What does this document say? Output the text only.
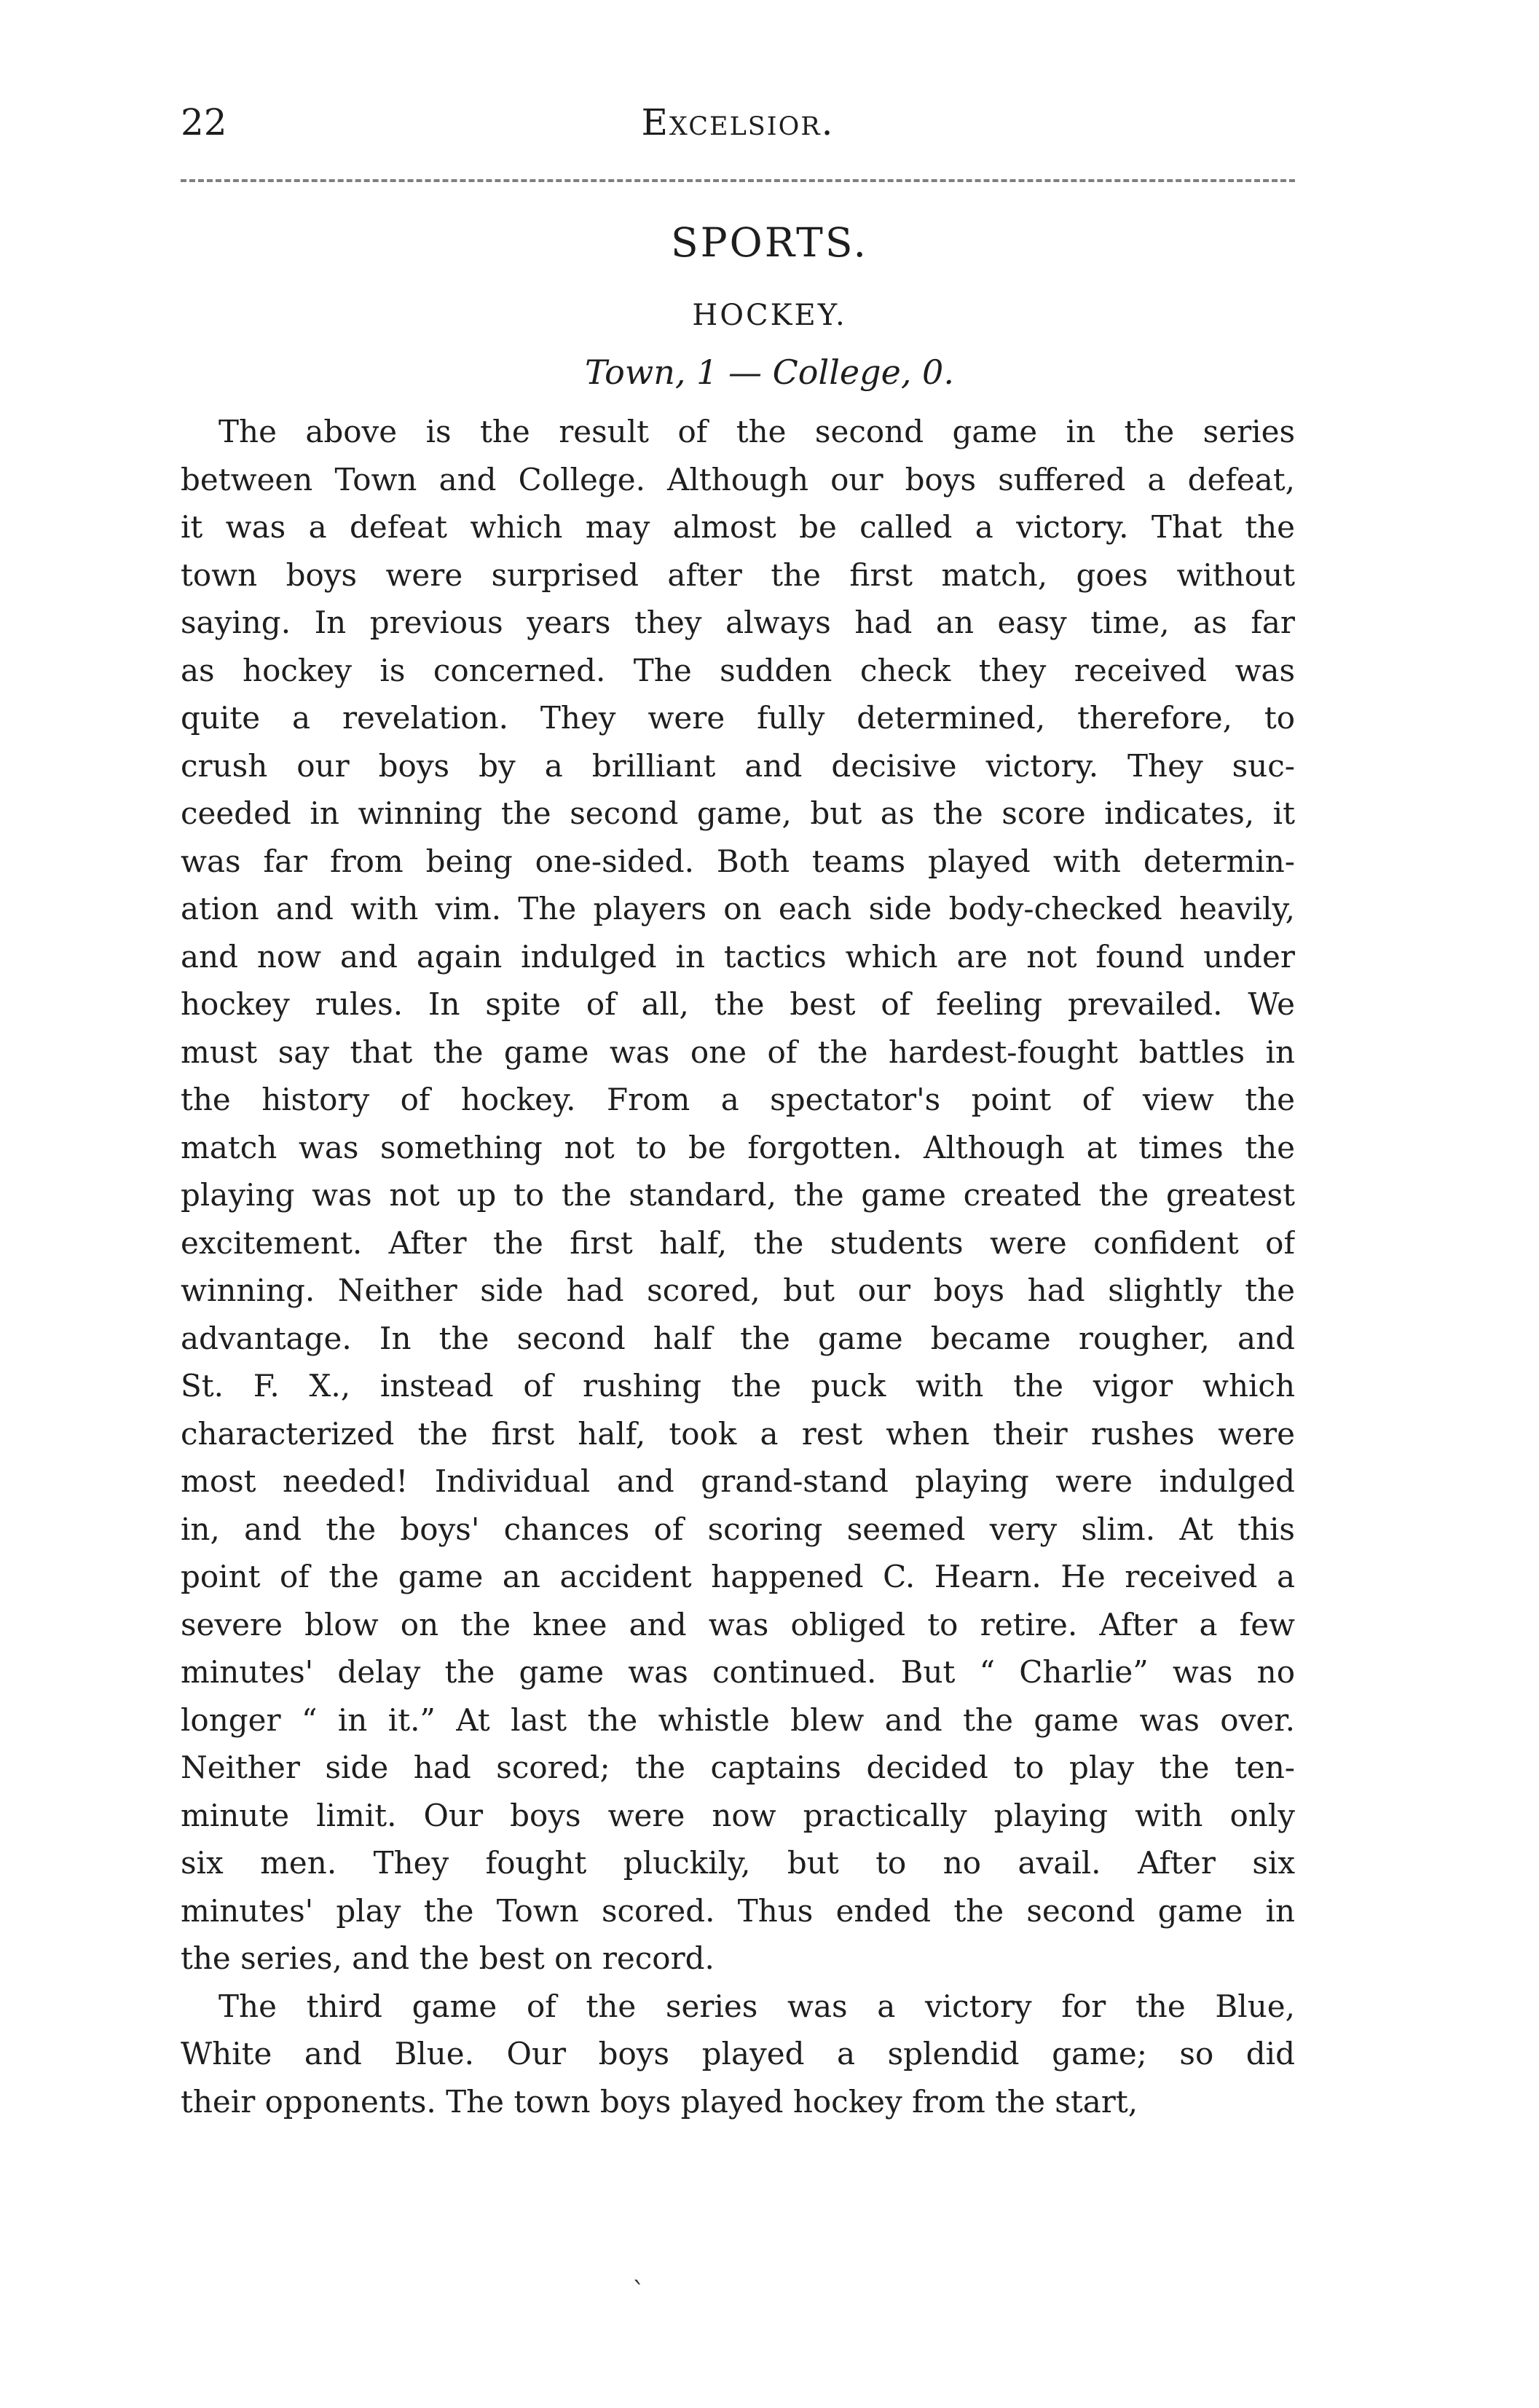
22	Excelsior.
SPORTS.
HOCKEY.
Town, 1 — College, 0.
The above is the result of the second game in the series
between Town and College. Although our boys suffered a defeat,
it was a defeat which may almost be called a victory. That the
town boys were surprised after the first match, goes without
saying. In previous years they always had an easy time, as far
as hockey is concerned. The sudden check they received was
quite a revelation. They were fully determined, therefore, to
crush our boys by a brilliant and decisive victory. They suc-
ceeded in winning the second game, but as the score indicates, it
was far from being one-sided. Both teams played with determin-
ation and with vim. The players on each side body-checked heavily,
and now and again indulged in tactics which are not found under
hockey rules. In spite of all, the best of feeling prevailed. We
must say that the game was one of the hardest-fought battles in
the history of hockey. From a spectator's point of view the
match was something not to be forgotten. Although at times the
playing was not up to the standard, the game created the greatest
excitement. After the first half, the students were confident of
winning. Neither side had scored, but our boys had slightly the
advantage. In the second half the game became rougher, and
St. F. X., instead of rushing the puck with the vigor which
characterized the first half, took a rest when their rushes were
most needed! Individual and grand-stand playing were indulged
in, and the boys' chances of scoring seemed very slim. At this
point of the game an accident happened C. Hearn. He received a
severe blow on the knee and was obliged to retire. After a few
minutes' delay the game was continued. But “ Charlie” was no
longer “ in it.” At last the whistle blew and the game was over.
Neither side had scored; the captains decided to play the ten-
minute limit. Our boys were now practically playing with only
six men. They fought pluckily, but to no avail. After six
minutes' play the Town scored. Thus ended the second game in
the series, and the best on record.
The third game of the series was a victory for the Blue,
White and Blue. Our boys played a splendid game; so did
their opponents. The town boys played hockey from the start,
`
